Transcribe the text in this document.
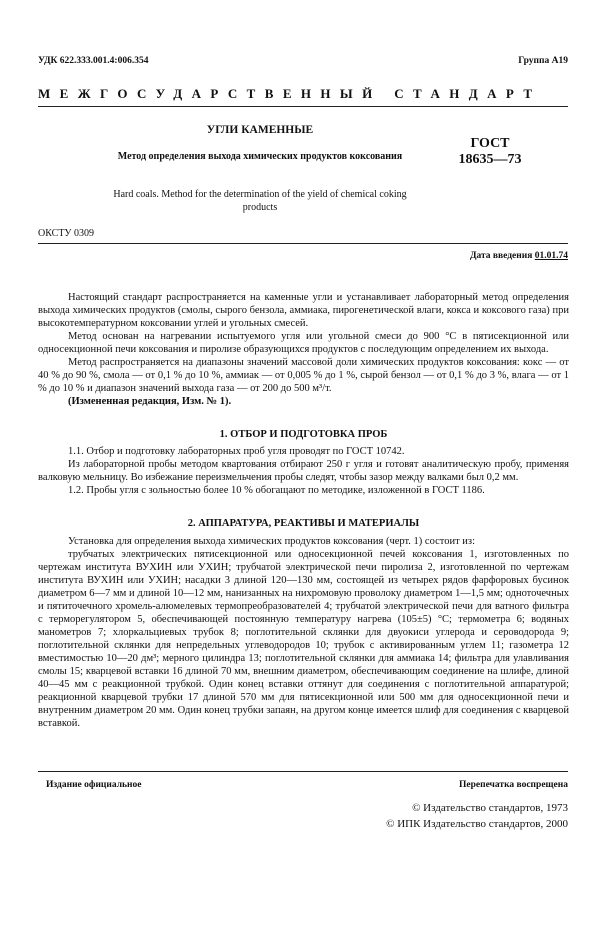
УДК 622.333.001.4:006.354	Группа А19
МЕЖГОСУДАРСТВЕННЫЙ СТАНДАРТ
УГЛИ КАМЕННЫЕ
Метод определения выхода химических продуктов коксования
Hard coals. Method for the determination of the yield of chemical coking products
ГОСТ
18635—73
ОКСТУ 0309
Дата введения 01.01.74

Настоящий стандарт распространяется на каменные угли и устанавливает лабораторный метод определения выхода химических продуктов (смолы, сырого бензола, аммиака, пирогенетической влаги, кокса и коксового газа) при высокотемпературном коксовании углей и угольных смесей.

Метод основан на нагревании испытуемого угля или угольной смеси до 900 °С в пятисекционной или односекционной печи коксования и пиролизе образующихся продуктов с последующим определением их выхода.

Метод распространяется на диапазоны значений массовой доли химических продуктов коксования: кокс — от 40 % до 90 %, смола — от 0,1 % до 10 %, аммиак — от 0,005 % до 1 %, сырой бензол — от 0,1 % до 3 %, влага — от 1 % до 10 % и диапазон значений выхода газа — от 200 до 500 м³/т.

(Измененная редакция, Изм. № 1).

1. ОТБОР И ПОДГОТОВКА ПРОБ

1.1. Отбор и подготовку лабораторных проб угля проводят по ГОСТ 10742.

Из лабораторной пробы методом квартования отбирают 250 г угля и готовят аналитическую пробу, применяя валковую мельницу. Во избежание переизмельчения пробы следят, чтобы зазор между валками был 0,2 мм.

1.2. Пробы угля с зольностью более 10 % обогащают по методике, изложенной в ГОСТ 1186.

2. АППАРАТУРА, РЕАКТИВЫ И МАТЕРИАЛЫ

Установка для определения выхода химических продуктов коксования (черт. 1) состоит из:

трубчатых электрических пятисекционной или односекционной печей коксования 1, изготовленных по чертежам института ВУХИН или УХИН; трубчатой электрической печи пиролиза 2, изготовленной по чертежам института ВУХИН или УХИН; насадки 3 длиной 120—130 мм, состоящей из четырех рядов фарфоровых бусинок диаметром 6—7 мм и длиной 10—12 мм, нанизанных на нихромовую проволоку диаметром 1—1,5 мм; одноточечных и пятиточечного хромель-алюмелевых термопреобразователей 4; трубчатой электрической печи для ватного фильтра с терморегулятором 5, обеспечивающей постоянную температуру нагрева (105±5) °С; термометра 6; водяных манометров 7; хлоркальциевых трубок 8; поглотительной склянки для двуокиси углерода и сероводорода 9; поглотительной склянки для непредельных углеводородов 10; трубок с активированным углем 11; газометра 12 вместимостью 10—20 дм³; мерного цилиндра 13; поглотительной склянки для аммиака 14; фильтра для улавливания смолы 15; кварцевой вставки 16 длиной 70 мм, внешним диаметром, обеспечивающим соединение на шлифе, длиной 40—45 мм с реакционной трубкой. Один конец вставки оттянут для соединения с поглотительной аппаратурой; реакционной кварцевой трубки 17 длиной 570 мм для пятисекционной или 500 мм для односекционной печи и внутренним диаметром 20 мм. Один конец трубки запаян, на другом конце имеется шлиф для соединения с кварцевой вставкой.

Издание официальное	Перепечатка воспрещена
© Издательство стандартов, 1973
© ИПК Издательство стандартов, 2000
